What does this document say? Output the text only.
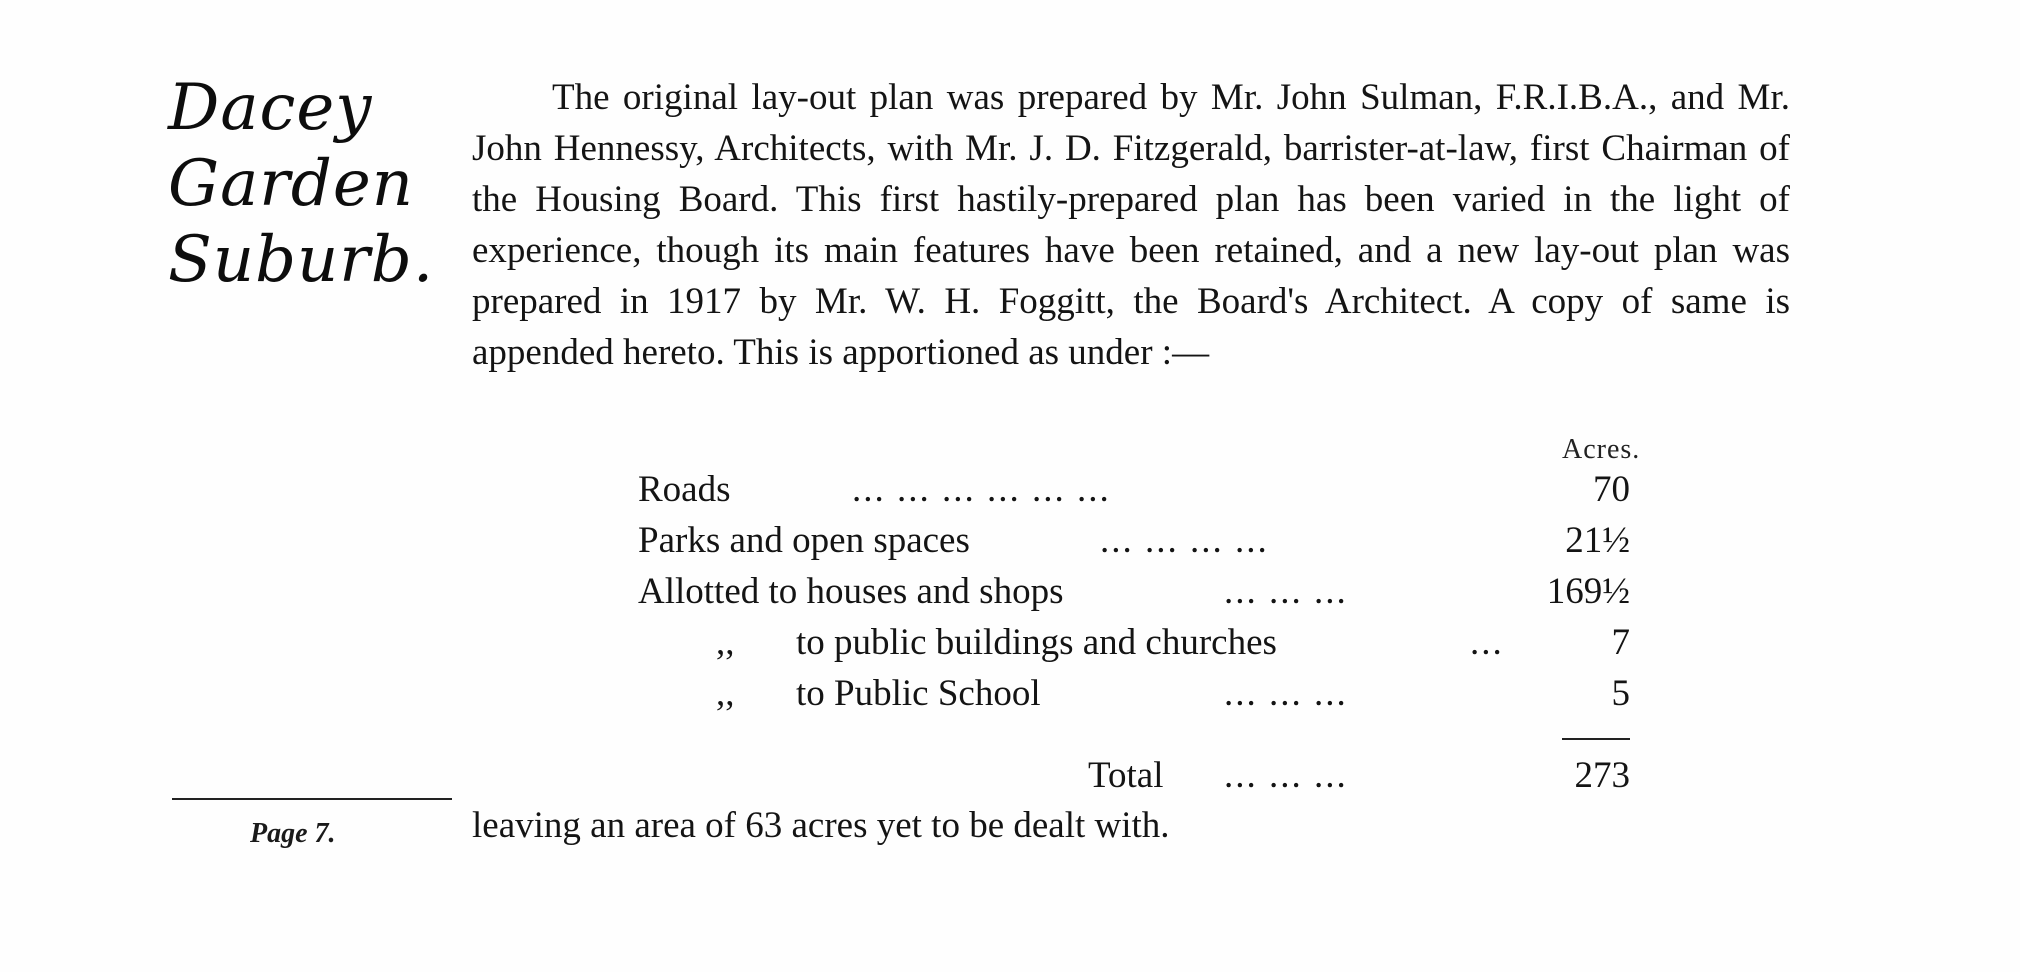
Dacey
Garden
Suburb.
The original lay-out plan was prepared by Mr. John Sulman, F.R.I.B.A., and Mr. John Hennessy, Architects, with Mr. J. D. Fitzgerald, barrister-at-law, first Chairman of the Housing Board. This first hastily-prepared plan has been varied in the light of experience, though its main features have been retained, and a new lay-out plan was prepared in 1917 by Mr. W. H. Foggitt, the Board's Architect. A copy of same is appended hereto. This is apportioned as under :—
Acres.
Roads	... ... ... ... ... ...	70
Parks and open spaces	... ... ... ...	21½
Allotted to houses and shops	... ... ...	169½
,, to public buildings and churches	...	7
,, to Public School	... ... ...	5
Total ... ... ...	273
Page 7.	leaving an area of 63 acres yet to be dealt with.
